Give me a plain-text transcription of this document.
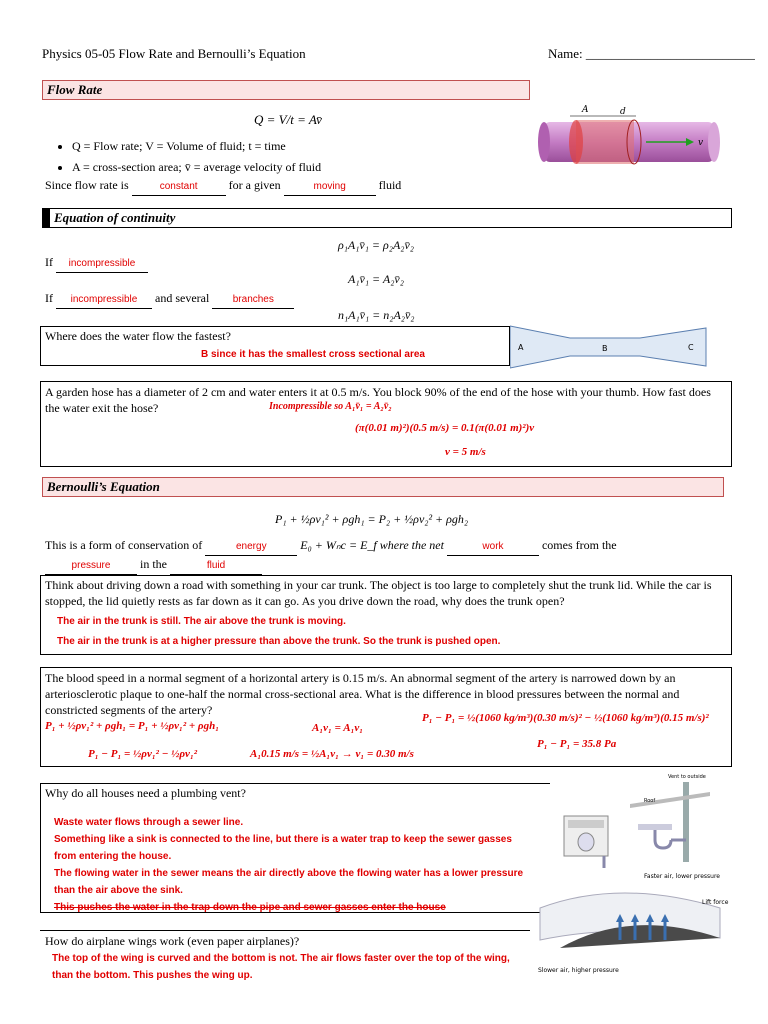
Physics 05-05 Flow Rate and Bernoulli’s Equation	Name: __________________________
Flow Rate
Q = V/t = Av̄
• Q = Flow rate; V = Volume of fluid; t = time
• A = cross-section area; v̄ = average velocity of fluid
Since flow rate is	constant	for a given	moving	fluid
A	d
v
Equation of continuity
ρ₁A₁v̄₁ = ρ₂A₂v̄₂
If incompressible
A₁v̄₁ = A₂v̄₂
If incompressible and several branches
n₁A₁v̄₁ = n₂A₂v̄₂
Where does the water flow the fastest?
B since it has the smallest cross sectional area
A	B	C
A garden hose has a diameter of 2 cm and water enters it at 0.5 m/s. You block 90% of the end of the hose with your thumb. How fast does the water exit the hose?	Incompressible so A₁v̄₁ = A₂v̄₂
(π(0.01 m)²)(0.5 m/s) = 0.1(π(0.01 m)²)v
v = 5 m/s
Bernoulli’s Equation
P₁ + ½ρv₁² + ρgh₁ = P₂ + ½ρv₂² + ρgh₂
This is a form of conservation of	energy	E₀ + Wₙc = E_f where the net	work	comes from the
pressure in the	fluid
Think about driving down a road with something in your car trunk. The object is too large to completely shut the trunk lid. While the car is stopped, the lid quietly rests as far down as it can go. As you drive down the road, why does the trunk open?
The air in the trunk is still. The air above the trunk is moving.
The air in the trunk is at a higher pressure than above the trunk. So the trunk is pushed open.
The blood speed in a normal segment of a horizontal artery is 0.15 m/s. An abnormal segment of the artery is narrowed down by an arteriosclerotic plaque to one-half the normal cross-sectional area. What is the difference in blood pressures between the normal and constricted segments of the artery?
P₁ + ½ρv₁² + ρgh₁ = P₁ + ½ρv₁² + ρgh₁	A₁v₁ = A₁v₁
P₁ − P₁ = ½(1060 kg/m³)(0.30 m/s)² − ½(1060 kg/m³)(0.15 m/s)²
P₁ − P₁ = 35.8 Pa
P₁ − P₁ = ½ρv₁² − ½ρv₁²	A₁0.15 m/s = ½A₁v₁ → v₁ = 0.30 m/s
Why do all houses need a plumbing vent?
Waste water flows through a sewer line.
Something like a sink is connected to the line, but there is a water trap to keep the sewer gasses from entering the house.
The flowing water in the sewer means the air directly above the flowing water has a lower pressure than the air above the sink.
This pushes the water in the trap down the pipe and sewer gasses enter the house
Vent to outside
Roof
How do airplane wings work (even paper airplanes)?
The top of the wing is curved and the bottom is not. The air flows faster over the top of the wing, than the bottom. This pushes the wing up.
Faster air, lower pressure
Lift force
Slower air, higher pressure
